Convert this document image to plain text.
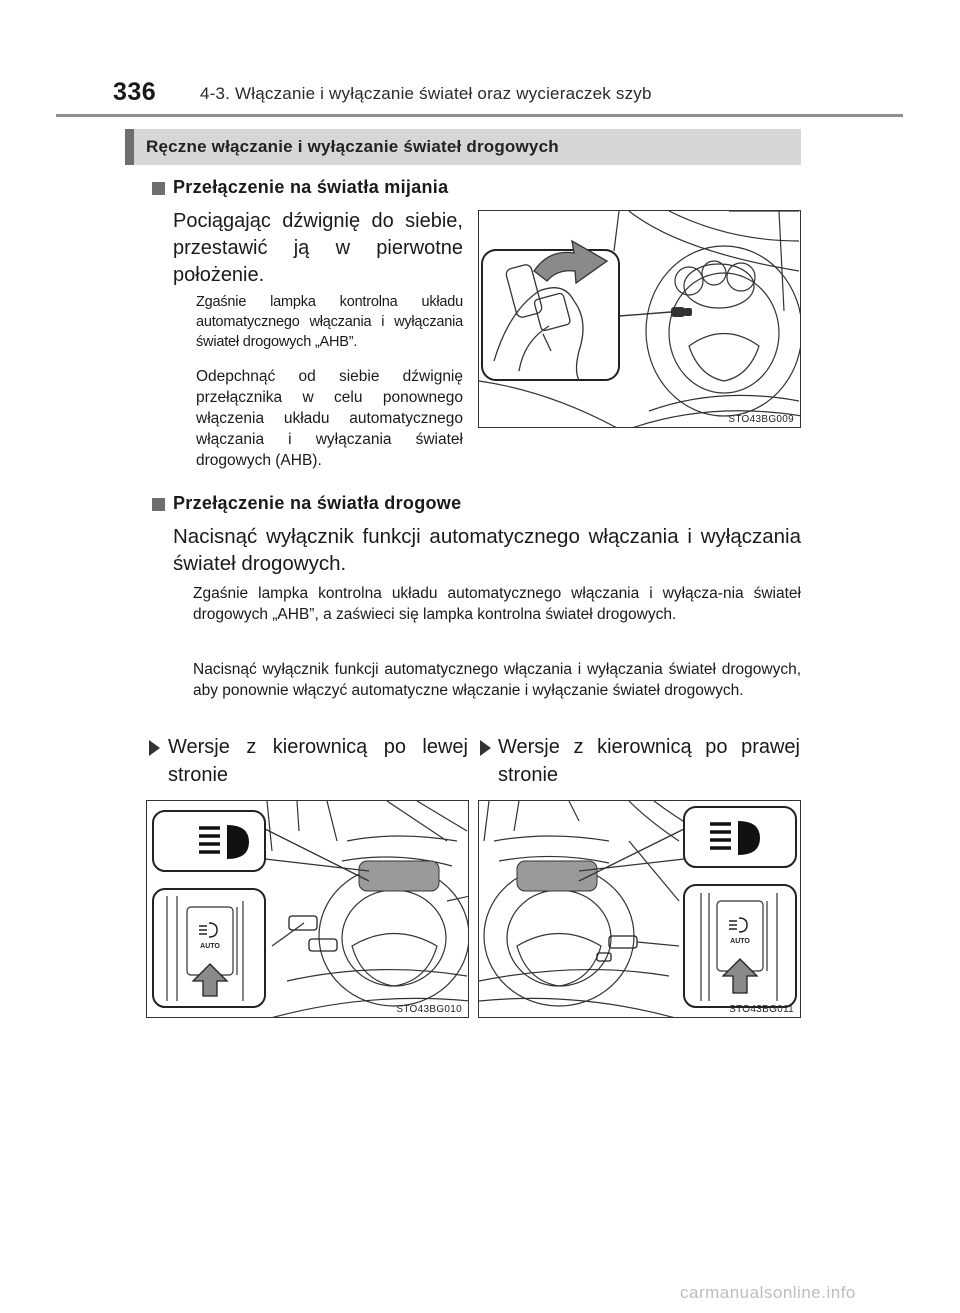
336	4-3. Włączanie i wyłączanie świateł oraz wycieraczek szyb
Ręczne włączanie i wyłączanie świateł drogowych
Przełączenie na światła mijania
Pociągając dźwignię do siebie, przestawić ją w pierwotne położenie.
Zgaśnie lampka kontrolna układu automatycznego włączania i wyłączania świateł drogowych „AHB”.
Odepchnąć od siebie dźwignię przełącznika w celu ponownego włączenia układu automatycznego włączania i wyłączania świateł drogowych (AHB).
STO43BG009
Przełączenie na światła drogowe
Nacisnąć wyłącznik funkcji automatycznego włączania i wyłączania świateł drogowych.
Zgaśnie lampka kontrolna układu automatycznego włączania i wyłącza-nia świateł drogowych „AHB”, a zaświeci się lampka kontrolna świateł drogowych.
Nacisnąć wyłącznik funkcji automatycznego włączania i wyłączania świateł drogowych, aby ponownie włączyć automatyczne włączanie i wyłączanie świateł drogowych.
Wersje z kierownicą po lewej stronie
Wersje z kierownicą po prawej stronie
AUTO
STO43BG010
AUTO
STO43BG011
carmanualsonline.info
